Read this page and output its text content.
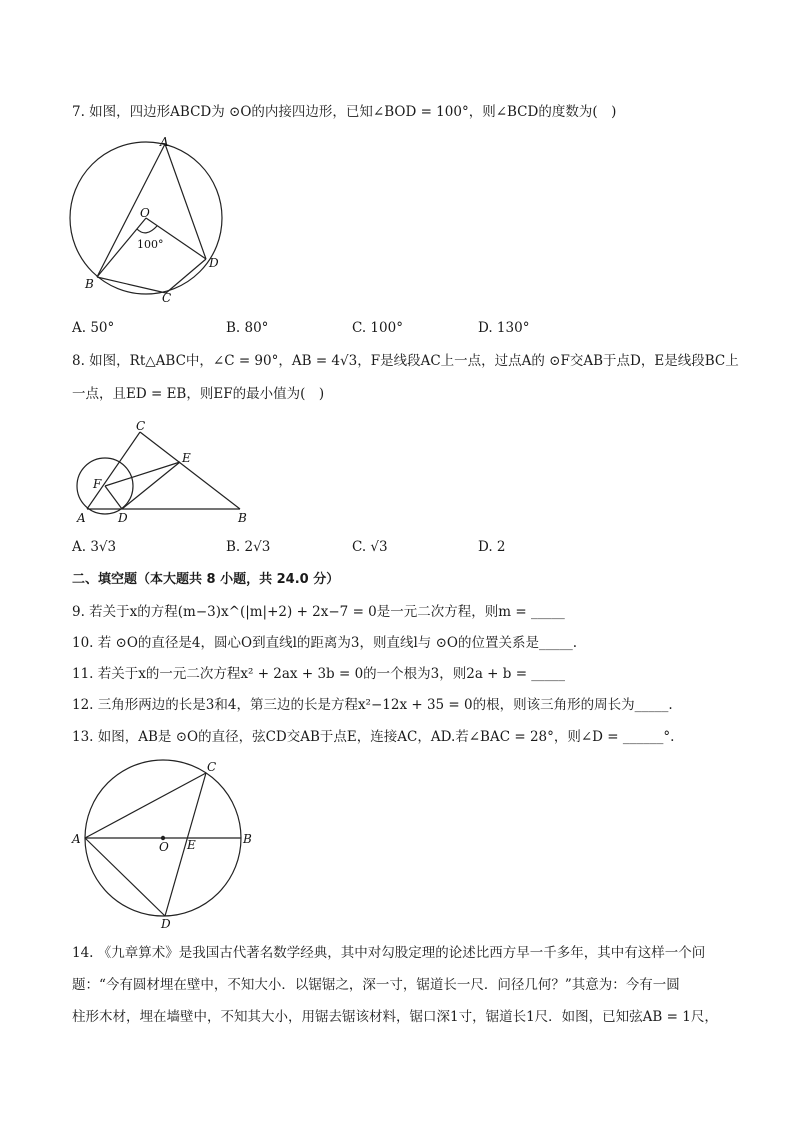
7. 如图，四边形ABCD为 ⊙O的内接四边形，已知∠BOD = 100°，则∠BCD的度数为(　)
A
O
100°
D
B
C
A. 50°	B. 80°	C. 100°	D. 130°
8. 如图，Rt△ABC中，∠C = 90°，AB = 4√3，F是线段AC上一点，过点A的 ⊙F交AB于点D，E是线段BC上
一点，且ED = EB，则EF的最小值为(　)
C
E
F
A	D	B
A. 3√3	B. 2√3	C. √3	D. 2
二、填空题（本大题共 8 小题，共 24.0 分）
9. 若关于x的方程(m−3)x^(|m|+2) + 2x−7 = 0是一元二次方程，则m = _____
10. 若 ⊙O的直径是4，圆心O到直线l的距离为3，则直线l与 ⊙O的位置关系是_____.
11. 若关于x的一元二次方程x² + 2ax + 3b = 0的一个根为3，则2a + b = _____
12. 三角形两边的长是3和4，第三边的长是方程x²−12x + 35 = 0的根，则该三角形的周长为_____.
13. 如图，AB是 ⊙O的直径，弦CD交AB于点E，连接AC，AD.若∠BAC = 28°，则∠D = ______°.
C
A	B
O E
D
14. 《九章算术》是我国古代著名数学经典，其中对勾股定理的论述比西方早一千多年，其中有这样一个问
题：“今有圆材埋在壁中，不知大小．以锯锯之，深一寸，锯道长一尺．问径几何？”其意为：今有一圆
柱形木材，埋在墙壁中，不知其大小，用锯去锯该材料，锯口深1寸，锯道长1尺．如图，已知弦AB = 1尺，
